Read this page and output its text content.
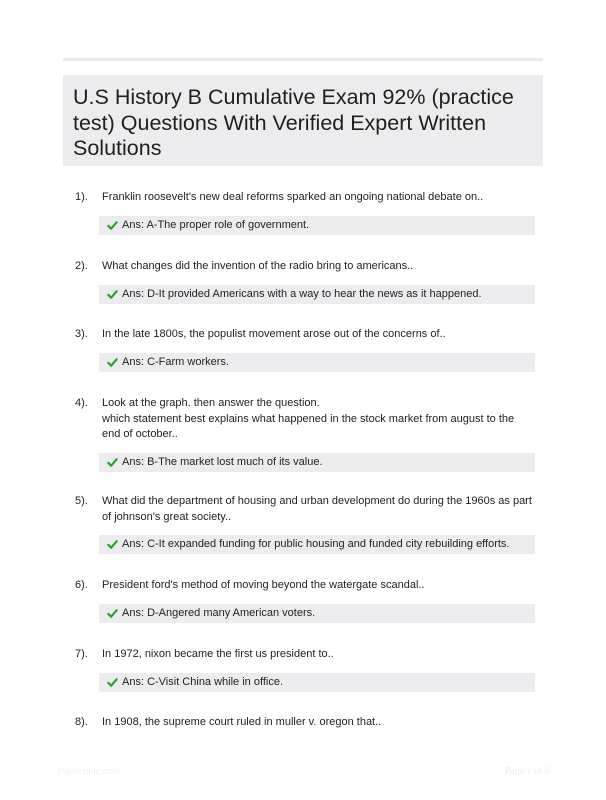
U.S History B Cumulative Exam 92% (practice test) Questions With Verified Expert Written Solutions
1). Franklin roosevelt's new deal reforms sparked an ongoing national debate on..
Ans: A-The proper role of government.
2). What changes did the invention of the radio bring to americans..
Ans: D-It provided Americans with a way to hear the news as it happened.
3). In the late 1800s, the populist movement arose out of the concerns of..
Ans: C-Farm workers.
4). Look at the graph. then answer the question.
which statement best explains what happened in the stock market from august to the end of october..
Ans: B-The market lost much of its value.
5). What did the department of housing and urban development do during the 1960s as part of johnson's great society..
Ans: C-It expanded funding for public housing and funded city rebuilding efforts.
6). President ford's method of moving beyond the watergate scandal..
Ans: D-Angered many American voters.
7). In 1972, nixon became the first us president to..
Ans: C-Visit China while in office.
8). In 1908, the supreme court ruled in muller v. oregon that..
Papersibic.com	Page 1 of 6
